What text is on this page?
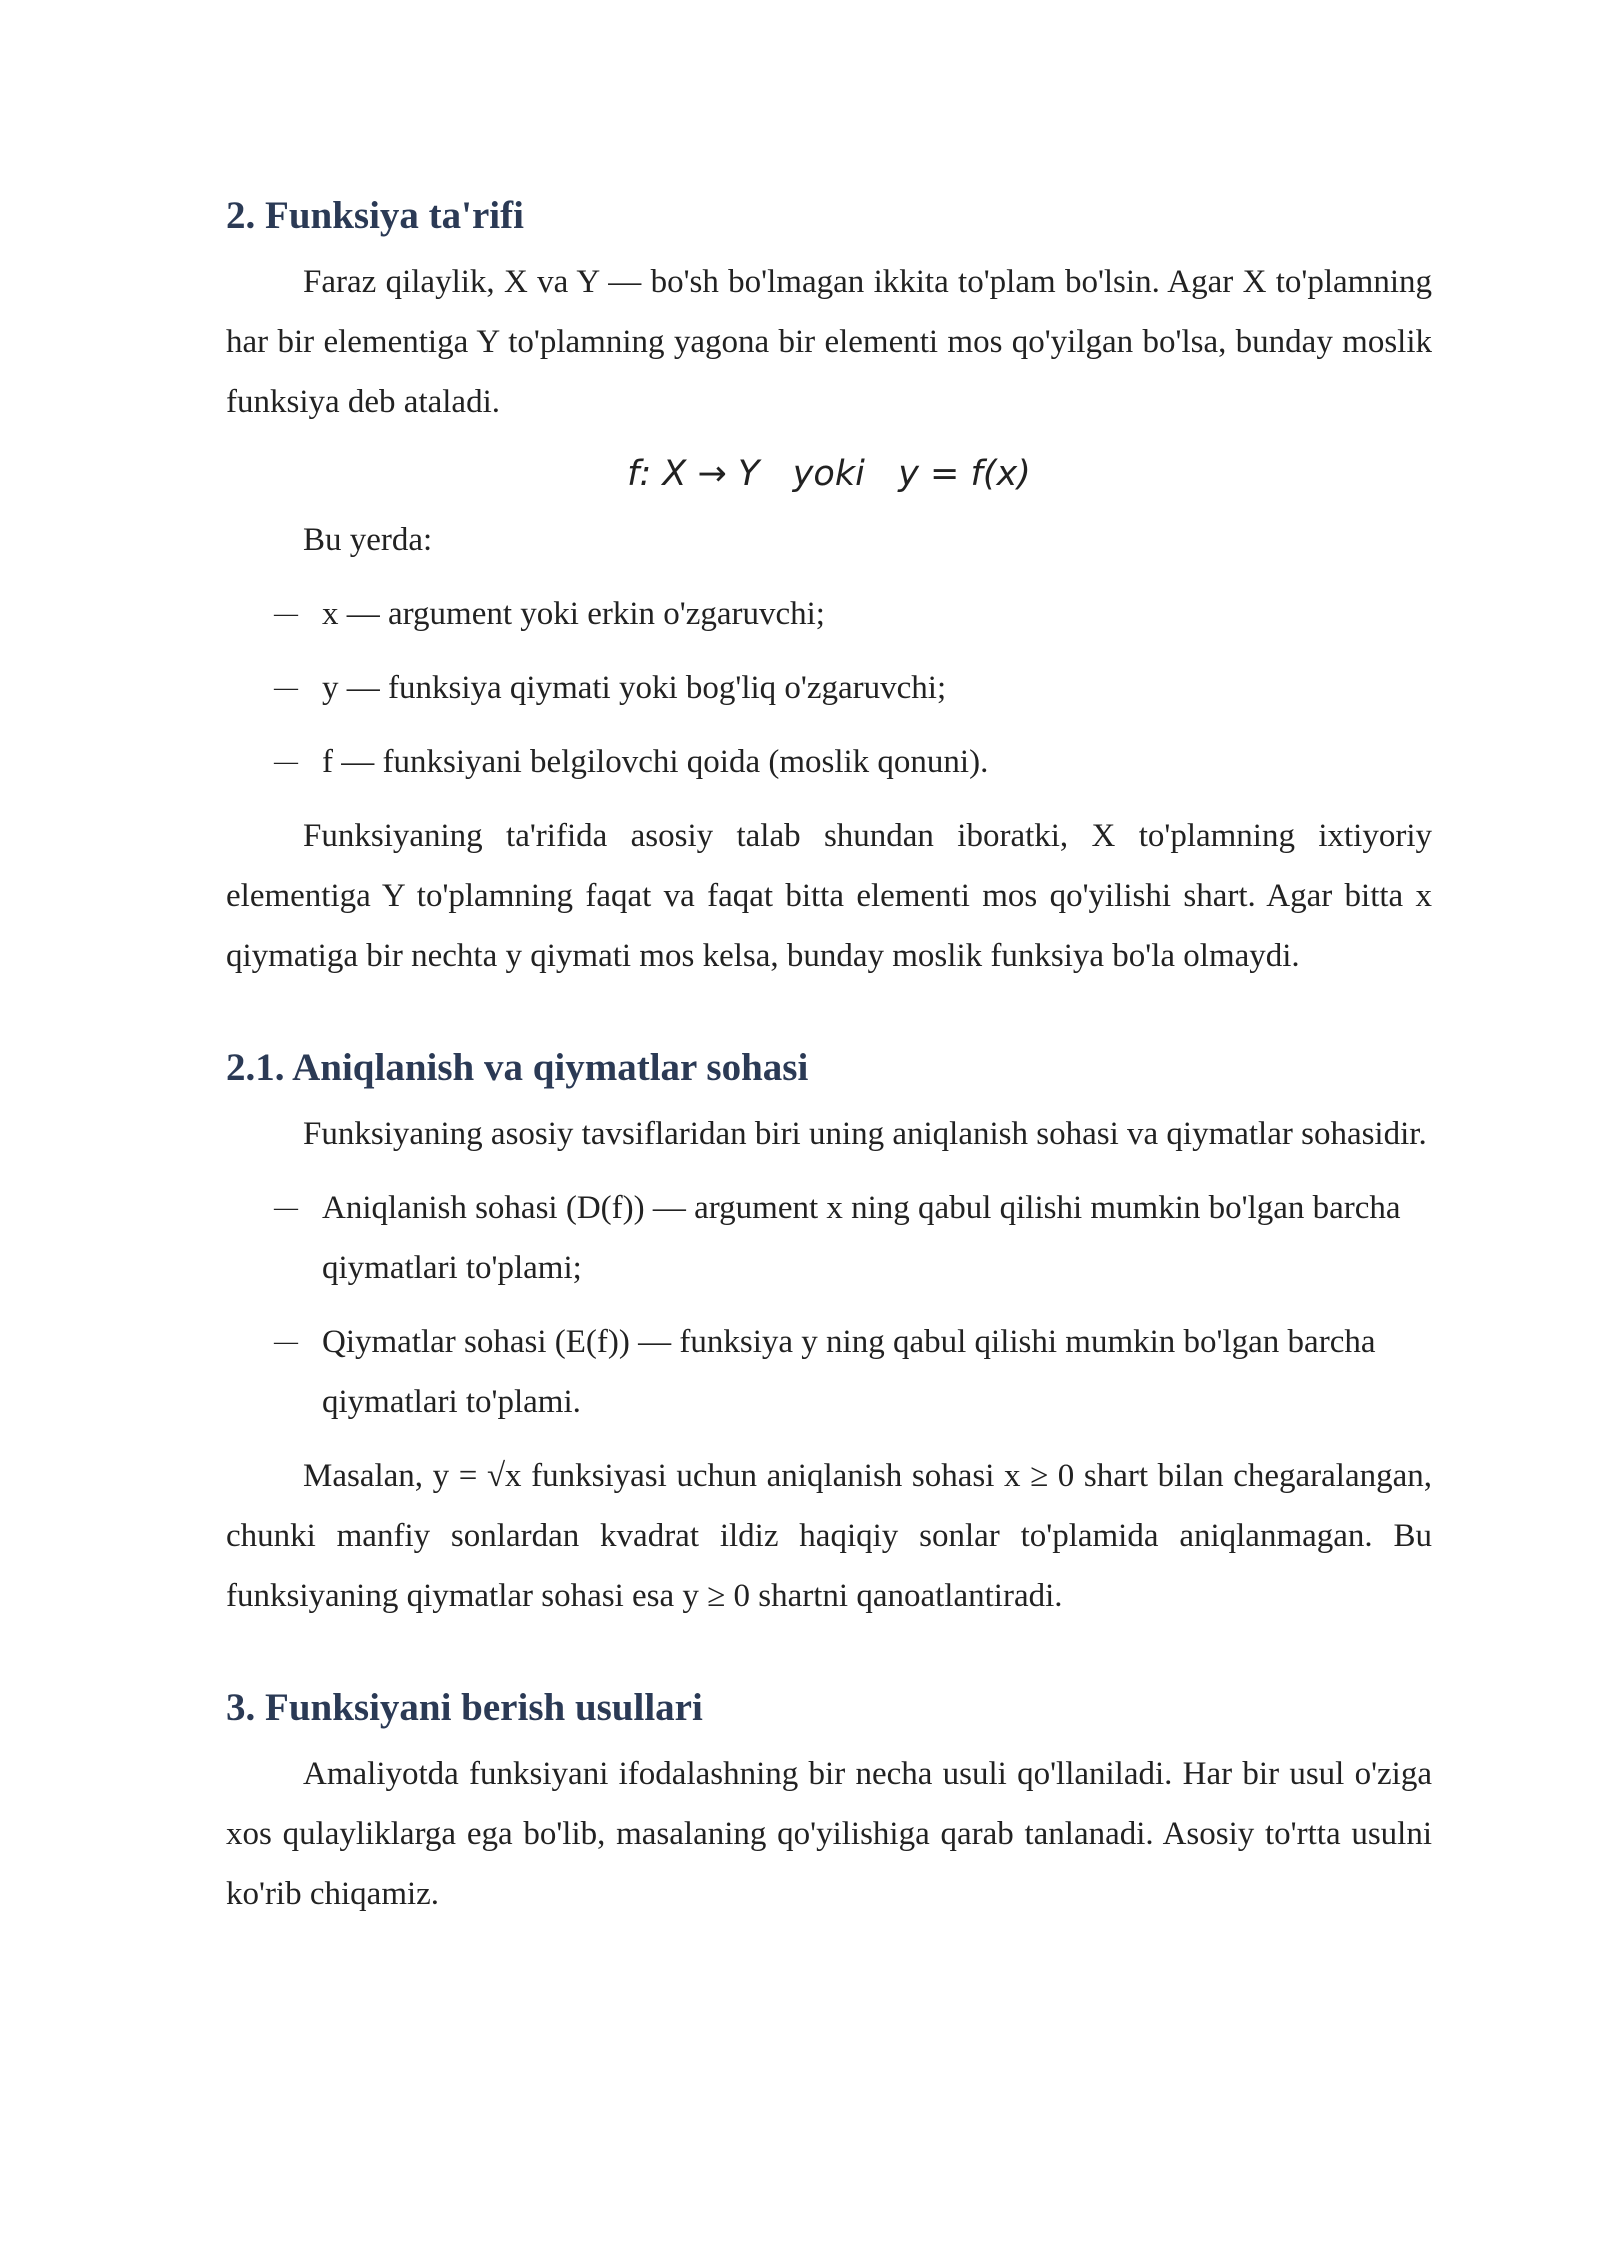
2. Funksiya ta'rifi

Faraz qilaylik, X va Y — bo'sh bo'lmagan ikkita to'plam bo'lsin. Agar X to'plamning har bir elementiga Y to'plamning yagona bir elementi mos qo'yilgan bo'lsa, bunday moslik funksiya deb ataladi.

f: X → Y   yoki   y = f(x)

Bu yerda:

— x — argument yoki erkin o'zgaruvchi;
— y — funksiya qiymati yoki bog'liq o'zgaruvchi;
— f — funksiyani belgilovchi qoida (moslik qonuni).

Funksiyaning ta'rifida asosiy talab shundan iboratki, X to'plamning ixtiyoriy elementiga Y to'plamning faqat va faqat bitta elementi mos qo'yilishi shart. Agar bitta x qiymatiga bir nechta y qiymati mos kelsa, bunday moslik funksiya bo'la olmaydi.

2.1. Aniqlanish va qiymatlar sohasi

Funksiyaning asosiy tavsiflaridan biri uning aniqlanish sohasi va qiymatlar sohasidir.

— Aniqlanish sohasi (D(f)) — argument x ning qabul qilishi mumkin bo'lgan barcha qiymatlari to'plami;
— Qiymatlar sohasi (E(f)) — funksiya y ning qabul qilishi mumkin bo'lgan barcha qiymatlari to'plami.

Masalan, y = √x funksiyasi uchun aniqlanish sohasi x ≥ 0 shart bilan chegaralangan, chunki manfiy sonlardan kvadrat ildiz haqiqiy sonlar to'plamida aniqlanmagan. Bu funksiyaning qiymatlar sohasi esa y ≥ 0 shartni qanoatlantiradi.

3. Funksiyani berish usullari

Amaliyotda funksiyani ifodalashning bir necha usuli qo'llaniladi. Har bir usul o'ziga xos qulayliklarga ega bo'lib, masalaning qo'yilishiga qarab tanlanadi. Asosiy to'rtta usulni ko'rib chiqamiz.
